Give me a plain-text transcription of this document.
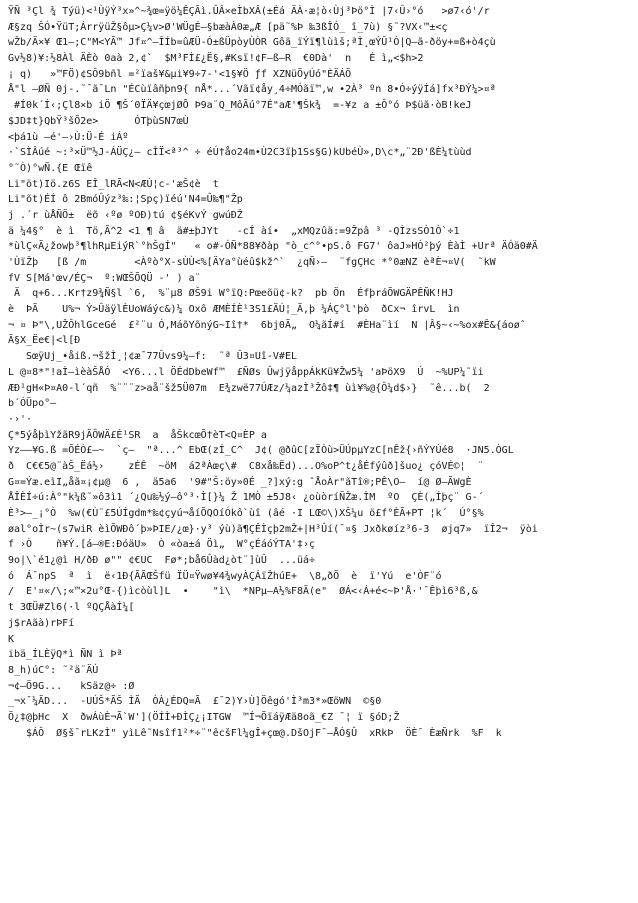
ŸÑ ³Çl ¾ Týü)<¹ÙÿÝ³x»^~¾œ=ÿö¼ÊÇÃì.ÛÂ×eÌbXÂ(±Éá ÄÀ·æ¦ò‹Ùj³Þö°Ì |7‹Û›°ó   >ø7‹ó'/r
Æ§zq ŠÓ•ŸüT;ÁrrÿüŽ§ôµ>Ç¼v>Ø'WÜgÉ–§bæàÀ0æ„Æ [pä˜%Þ ‰3ßÎÓ_ î_7ù) §˜?VX‹™±<ç
wŽb/Ä×¥ Œ1–;C"M<YÃ™ Jf¤^–ÎÍb=ûÆÜ-Ó±ßÜpòyÙÒR Gôã_ïÝï¶lùìš;ªÌ¸œÝÛ¹Ò|Q—ã-ðöy+=ß+ò4çù
Gv½8)¥:½8Àl ÄÈò 0aà 2,¢`  $M³FÌ£¿Ë§,#Ksï!¢F–ß–R  €0Dà'  n   É ì„<$h>2
¡ q)   »™FÖ)¢SÔ9bñl =²ïaš¥&µi¥9÷7-'<1§¥Ö ƒf XZNüÕyÚó"ÈÄÁÕ
Å"l –ØÑ 0j-.˜¯ã¯Ln "ÉCùïâñþn9{ nÅ*...´Vãï¢åy¸4÷MÓãï™,w •2À³ ºn 8•Ó÷ýÿÍá]fx³ÐÝ¼>¤ª
#Í0k´Í‹;Çl8×b iÖ ¶Š´0ÏÄ¥çœjØÕ Þ9a¨Q_MôÃú°7É"aÆ'¶Šk¾  =-¥z a ±Ô°ó Þ$üã·òB!keJ
$JD‡t}QbŸ³šÕ2e>      ÓTþùSN7œÙ
<þá1ù —é'–›Ù:Ü-É iÁº
·`SÌÂúé ~:³×Ü™½J-ÁÜÇ¿— cÌÏ<ª³^ ÷ éÚ†åo24m•Ù2C3ïþ1Ss§G)kUbéÙ»‚D\c*„¨2Ð'ßÈ¼tùùd
°˜Ò)°wÑ.{E Œïê
Li"öt)Iö.z6S EÎ_lRÃ<N<ÆÚ¦c-'æŠ¢è  t
Li"õt)ÉÍ ô 2BmóÛýz³‰:¦Spç)ïéú'N4=Û‰¶"Žp
j .´r ùÅÑÖ±  ëõ ‹ºø ºOÐ)tú ¢§éKvÝ gwúÐŽ
ä ¼4§°  è ì  Tö,Ã^2 <1 ¶ â  ä#±þJYt   -cÍ àí•  „xMQzûä:=9Žpâ ³ -QÌzsSÒ1Ò`÷1
*ùlÇ«Ã¿žowþ³¶lhRµEiýR`°hŠgÍ"   « o#-ÓÑ*88¥ðàp "ò_c^°•pS.ô FG7' ôaJ»HÓ²þý ÈàÌ +Urª ÄÓä0#Ä
'ÙïŽþ   [ß /m        <Àºò°X-sÙÙ<%[ÄYa°ùéû$kž^`  ¿qÑ›—  ¨fgÇHc *°0æNZ èªÈ¬¤V(  ˜kW
fV S[Má'œv/ÉÇ¬  º:WŒŠÕQÜ -' ) a¨
Ä  q+6...Kr†z9¾Ñ§l `6,  %¨µ8 ØŠ9i W°ïQ:Pœeõü¢-k?  pb Ön  ÉfþráÕWGÄPÊÑK!HJ
è  ÞÃ    U%¬ Ý>ÛäÿlÈUoWáýc&)¼ Oxô ÆMÈÍÈ¹3S1£ÄÚ¦_Ã,þ ¼ÁÇ°l'þò  ðCx¬ îrvL  ìn
¬ ¤ Þ"\,UŽÔhlGceGé  £²¨u Ó,MáõYõnýG~Iî†*  6bj0Ã„  O¼ãÍ#í  #ÈHa¨ìí  N |Â§~‹~%ox#Ê&{áoøˆ
Ã§X_Ëe€|<l[Ð
SœÿUj_•åiß.¬šžÌ¸¦¢æ¯77Ûvs9¼–f:  ˜ª Û3¤Uî-V#EL
L @¤8*"!aÌ–ìèàŠÅÓ  <Y6...l ÖÉdDbeWf™  £ÑØs ÛwjÿåppÁkKü¥Žw5¼ 'aÞöX9  Ú  ~%UP¼˜ïi
ÆÐ¹gH«Þ¤A0-l´qñ  %¨¨¨z>aå¨šž5Ü07m  E¾zwë77ÚÆz/¼azÌ³Žô‡¶ ùì¥%@{Ô¼d$›}  ˜ê...b(  2
b´ÓÜpo°—
·›'·
Ç*5ýåþìYžãR9jÃÔWÄ£É¹SR  a  åŠkcœÕ†èT<Q¤ÈP a
Yz–—¥G.ß =ÕÉÒ£—~  `ç—  "ª...^ EbŒ(zÍ_C^  J¢( @ðûC[zÏÒù>ÜÚpµYzC[nÊž{›ñÝYÚé8  ·JN5.ÒGL
ð  C€€5@¨àŠ_Ëá½›    zÉÊ  ~öM  á2ªÀœç\#  C8xå‰Ëd)...O%oP^t¿åÉfýûð]šuo¿ çóVÉ©¦  ¨
G¤=Ýæ.eìI„åã¤¡¢µ@  6 ,  ä5a6  '9#"Š:öy»0É _?]xý:g ˆÅoÀr"ãTî®;PÊ\O–  í@ Ø–ÃWgÈ
ÅÎÈÍ÷ú:À°"k¼ß˜»ô3ì1 ´¿Qu‰½ý–ô°³·Ì[}¼ Ž 1MÒ ±5J8‹ ¿oùòríÑŽæ.ÌM  ºO  ÇÈ(„Íþç¨ G-´
È³>—_¡°Ò  %w(€Ù¨£5ÚÍgdm*‰¢çyú¬åíÕQOíÓkô`ùî (âé ·I LŒ©\)XŠ¼u ö£f°ÈÃ+PT ¦k´  Ú°§%
øal°oÌr~(s7wiR èìÕWÐô´þ»ÞIE/¿œ}·y³ ýù)ã¶ÇÊÌçþ2mŽ+|H³Ûí(¯¤§ Jxðkøíz³6-3  øjq7»  ïÎ2¬  ÿòi
f ›Ò    ñ¥Ý.[á–®E:ÐóäU»  Ò «òa±á Öì„  W°çÉáóÝTA'‡›ç
9o|\`é1¿@ì H/ðÐ ø"" ¢€UC  Fø*;bå6Ûàd¿òt¨]ùÛ  ...üá÷
ó  Á¯npS  ª  ì  ë‹1Ð{ÃÃŒŠfü ÏÜ¤Ÿwø¥4¾wyÀÇÁïŽhúE+  \8„ðÕ  è  ï'Yú  e'ÒF¨ó
/  E'¤«/\;«™×2u°Œ-{)ìcòùl]L  •    "ì\  *NPµ—A½%F8Ã(e"  ØÁ<‹Á+é<~Þ'Å·'¯Êþì6³ß,&
t 3ŒÜ#Zl6(·l ºQÇÅàÍ¼[
j$rAãà)rÞFí
K
ibä_ÍLÈÿQ*ì ÑN ì Þª
8_h)úC°: ˜²ä¨ÄÚ
¬¢–Ö9G...   kSäz@÷ :Ø
_¬x¯¼ÃD...  -UÚŠ*ÃŠ ÌÃ  ÒÀ¿ÉDQ=Ã  £¯2)Y›Ù]Öêgó'Ì³m3*»ŒöWN  ©§0
Ö¿‡@þHc  X  ðwÁùÈ¬Ã`W'](ÖÍÌ+ÐÌÇ¿¡ITGW  ™Í¬ÕïáÿÆä8oã_€Z ¯¦ ï §óD;Ž
$ÁÔ  Ø§š¯rLKzÌ" yìLê˜Nsîf1²*÷¨"êcšFl¼gÎ+çœ@.DšOjF¯–ÅÓ§Û  xRkÞ  ÖÈ¯ ÈæÑrk  %F  k
